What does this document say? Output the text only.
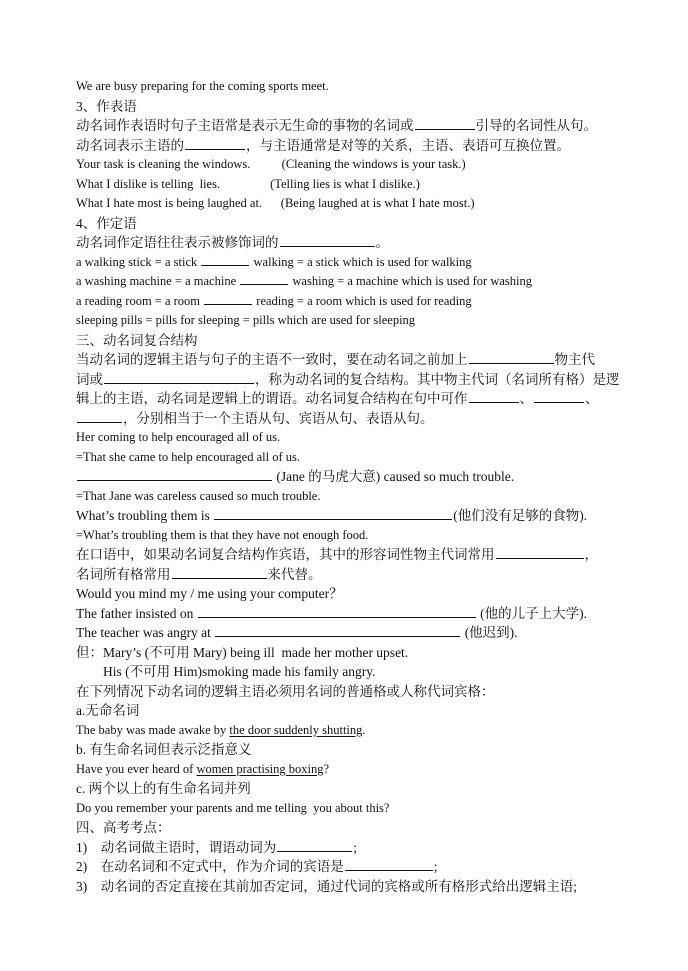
We are busy preparing for the coming sports meet.
3、作表语
动名词作表语时句子主语常是表示无生命的事物的名词或	引导的名词性从句。
动名词表示主语的	，与主语通常是对等的关系，主语、表语可互换位置。
Your task is cleaning the windows.          (Cleaning the windows is your task.)
What I dislike is telling  lies.                (Telling lies is what I dislike.)
What I hate most is being laughed at.      (Being laughed at is what I hate most.)
4、作定语
动名词作定语往往表示被修饰词的	。
a walking stick = a stick	walking = a stick which is used for walking
a washing machine = a machine	washing = a machine which is used for washing
a reading room = a room	reading = a room which is used for reading
sleeping pills = pills for sleeping = pills which are used for sleeping
三、动名词复合结构
当动名词的逻辑主语与句子的主语不一致时，要在动名词之前加上	物主代
词或	，称为动名词的复合结构。其中物主代词（名词所有格）是逻
辑上的主语，动名词是逻辑上的谓语。动名词复合结构在句中可作	、	、
，分别相当于一个主语从句、宾语从句、表语从句。
Her coming to help encouraged all of us.
=That she came to help encouraged all of us.
(Jane 的马虎大意) caused so much trouble.
=That Jane was careless caused so much trouble.
What’s troubling them is	(他们没有足够的食物).
=What’s troubling them is that they have not enough food.
在口语中，如果动名词复合结构作宾语，其中的形容词性物主代词常用	，
名词所有格常用	来代替。
Would you mind my / me using your computer？
The father insisted on	(他的儿子上大学).
The teacher was angry at	(他迟到).
但：Mary’s (不可用 Mary) being ill  made her mother upset.
His (不可用 Him)smoking made his family angry.
在下列情况下动名词的逻辑主语必须用名词的普通格或人称代词宾格：
a.无命名词
The baby was made awake by the door suddenly shutting.
b. 有生命名词但表示泛指意义
Have you ever heard of women practising boxing?
c. 两个以上的有生命名词并列
Do you remember your parents and me telling  you about this?
四、高考考点：
1)    动名词做主语时，谓语动词为	;
2)    在动名词和不定式中，作为介词的宾语是	;
3)    动名词的否定直接在其前加否定词，通过代词的宾格或所有格形式给出逻辑主语;
